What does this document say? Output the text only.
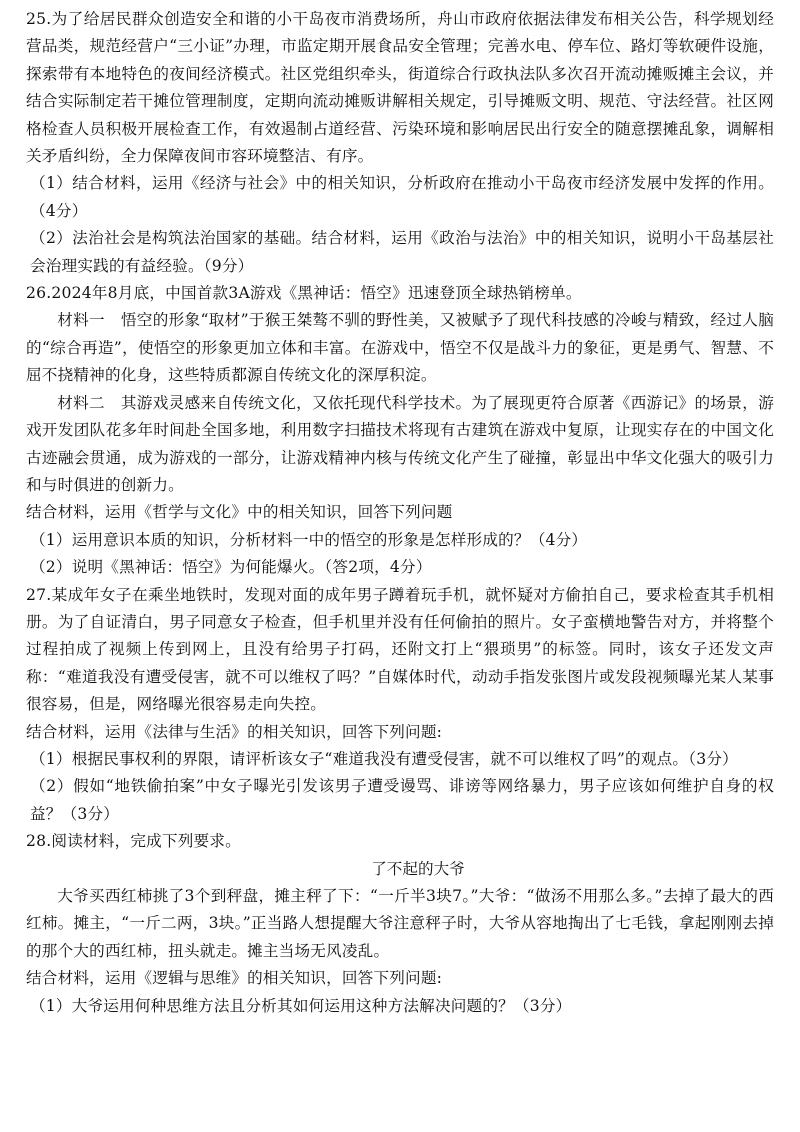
25.为了给居民群众创造安全和谐的小干岛夜市消费场所，舟山市政府依据法律发布相关公告，科学规划经营品类，规范经营户“三小证”办理，市监定期开展食品安全管理；完善水电、停车位、路灯等软硬件设施，探索带有本地特色的夜间经济模式。社区党组织牵头，街道综合行政执法队多次召开流动摊贩摊主会议，并结合实际制定若干摊位管理制度，定期向流动摊贩讲解相关规定，引导摊贩文明、规范、守法经营。社区网格检查人员积极开展检查工作，有效遏制占道经营、污染环境和影响居民出行安全的随意摆摊乱象，调解相关矛盾纠纷，全力保障夜间市容环境整洁、有序。

（1）结合材料，运用《经济与社会》中的相关知识，分析政府在推动小干岛夜市经济发展中发挥的作用。（4分）

（2）法治社会是构筑法治国家的基础。结合材料，运用《政治与法治》中的相关知识，说明小干岛基层社会治理实践的有益经验。（9分）

26.2024年8月底，中国首款3A游戏《黑神话：悟空》迅速登顶全球热销榜单。

材料一　悟空的形象“取材”于猴王桀骜不驯的野性美，又被赋予了现代科技感的冷峻与精致，经过人脑的“综合再造”，使悟空的形象更加立体和丰富。在游戏中，悟空不仅是战斗力的象征，更是勇气、智慧、不屈不挠精神的化身，这些特质都源自传统文化的深厚积淀。

材料二　其游戏灵感来自传统文化，又依托现代科学技术。为了展现更符合原著《西游记》的场景，游戏开发团队花多年时间赴全国多地，利用数字扫描技术将现有古建筑在游戏中复原，让现实存在的中国文化古迹融会贯通，成为游戏的一部分，让游戏精神内核与传统文化产生了碰撞，彰显出中华文化强大的吸引力和与时俱进的创新力。

结合材料，运用《哲学与文化》中的相关知识，回答下列问题

（1）运用意识本质的知识，分析材料一中的悟空的形象是怎样形成的？（4分）

（2）说明《黑神话：悟空》为何能爆火。（答2项，4分）

27.某成年女子在乘坐地铁时，发现对面的成年男子蹲着玩手机，就怀疑对方偷拍自己，要求检查其手机相册。为了自证清白，男子同意女子检查，但手机里并没有任何偷拍的照片。女子蛮横地警告对方，并将整个过程拍成了视频上传到网上，且没有给男子打码，还附文打上“猥琐男”的标签。同时，该女子还发文声称：“难道我没有遭受侵害，就不可以维权了吗？”自媒体时代，动动手指发张图片或发段视频曝光某人某事很容易，但是，网络曝光很容易走向失控。

结合材料，运用《法律与生活》的相关知识，回答下列问题:

（1）根据民事权利的界限，请评析该女子“难道我没有遭受侵害，就不可以维权了吗”的观点。（3分）

（2）假如“地铁偷拍案”中女子曝光引发该男子遭受谩骂、诽谤等网络暴力，男子应该如何维护自身的权益？（3分）

28.阅读材料，完成下列要求。

了不起的大爷

大爷买西红柿挑了3个到秤盘，摊主秤了下：“一斤半3块7。”大爷：“做汤不用那么多。”去掉了最大的西红柿。摊主，“一斤二两，3块。”正当路人想提醒大爷注意秤子时，大爷从容地掏出了七毛钱，拿起刚刚去掉的那个大的西红柿，扭头就走。摊主当场无风凌乱。

结合材料，运用《逻辑与思维》的相关知识，回答下列问题:

（1）大爷运用何种思维方法且分析其如何运用这种方法解决问题的？（3分）
